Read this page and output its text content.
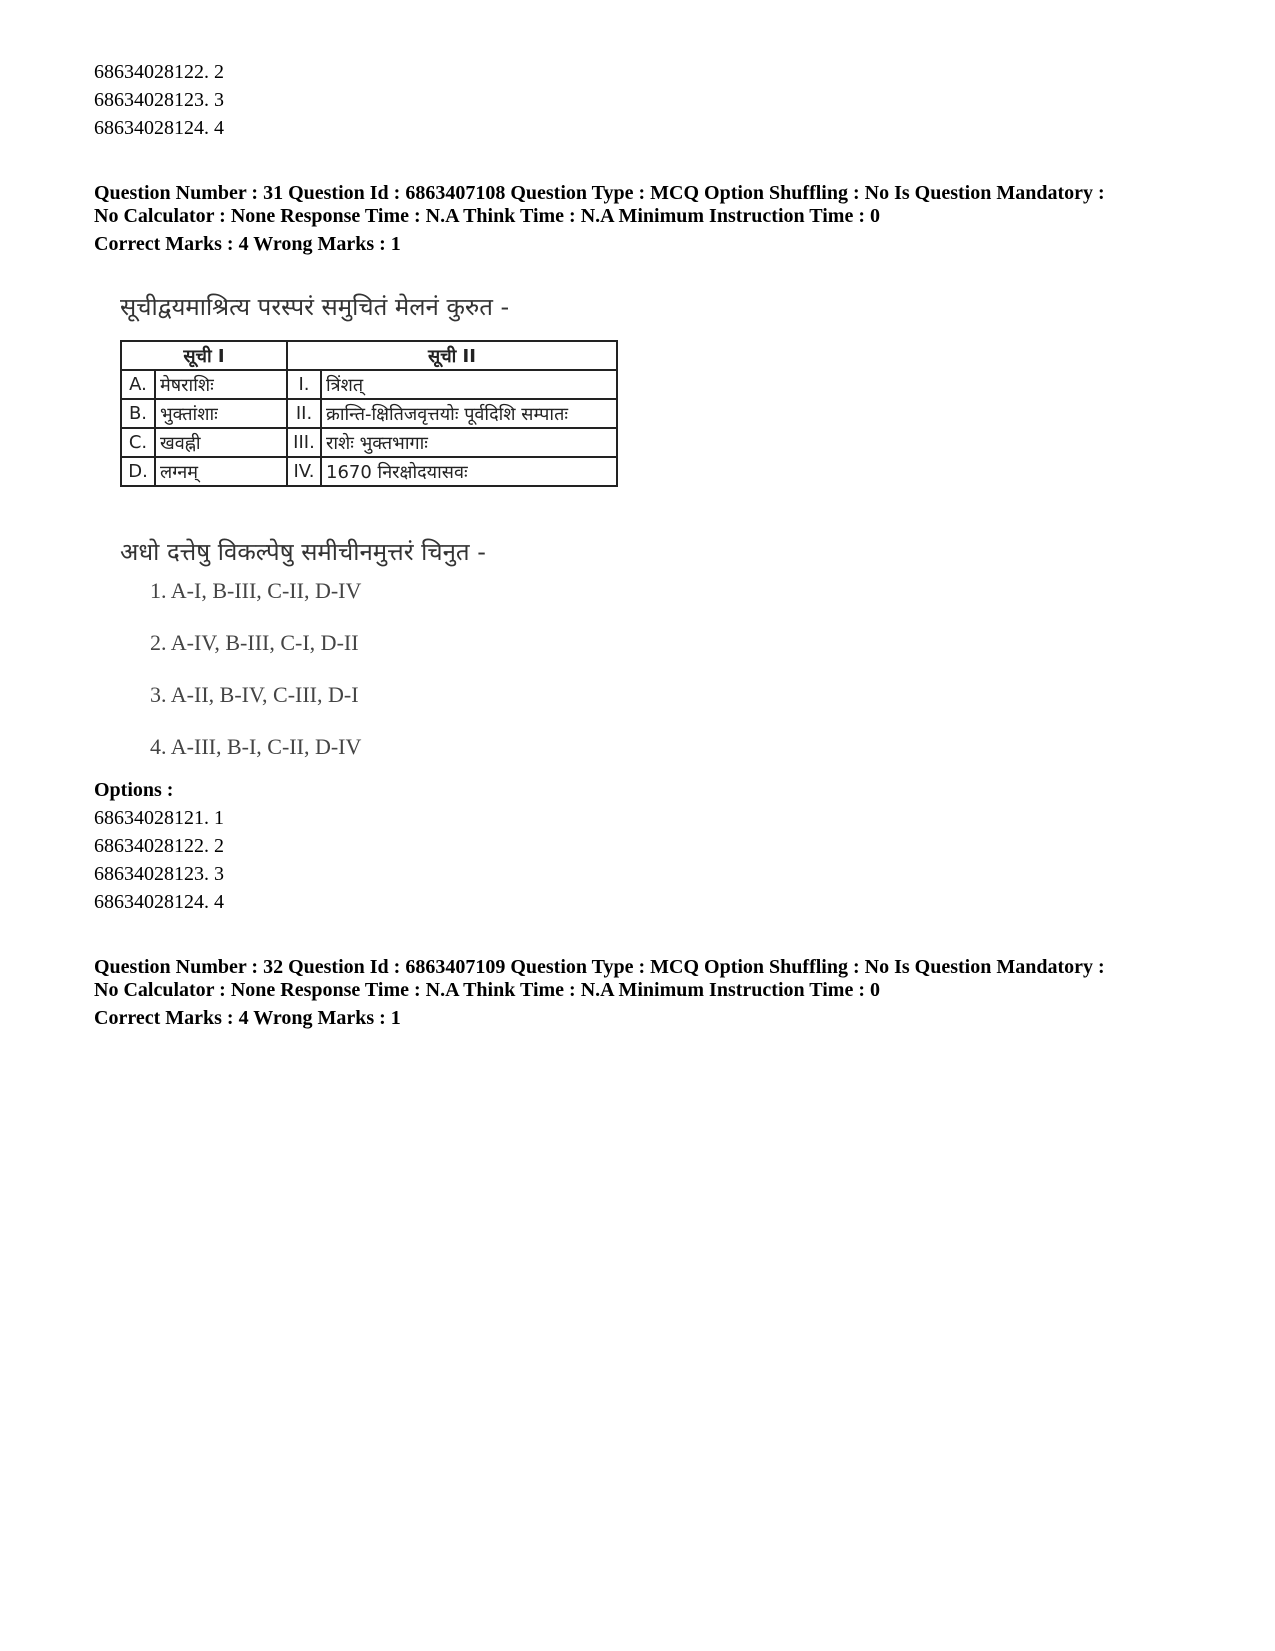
68634028122. 2
68634028123. 3
68634028124. 4
Question Number : 31 Question Id : 6863407108 Question Type : MCQ Option Shuffling : No Is Question Mandatory :
No Calculator : None Response Time : N.A Think Time : N.A Minimum Instruction Time : 0
Correct Marks : 4 Wrong Marks : 1
सूचीद्वयमाश्रित्य परस्परं समुचितं मेलनं कुरुत -
सूची I		सूची II	
A.	मेषराशिः	I.	त्रिंशत्
B.	भुक्तांशाः	II.	क्रान्ति-क्षितिजवृत्तयोः पूर्वदिशि सम्पातः
C.	खवह्नी	III.	राशेः भुक्तभागाः
D.	लग्नम्	IV.	1670 निरक्षोदयासवः
अधो दत्तेषु विकल्पेषु समीचीनमुत्तरं चिनुत -
1. A-I, B-III, C-II, D-IV
2. A-IV, B-III, C-I, D-II
3. A-II, B-IV, C-III, D-I
4. A-III, B-I, C-II, D-IV
Options :
68634028121. 1
68634028122. 2
68634028123. 3
68634028124. 4
Question Number : 32 Question Id : 6863407109 Question Type : MCQ Option Shuffling : No Is Question Mandatory :
No Calculator : None Response Time : N.A Think Time : N.A Minimum Instruction Time : 0
Correct Marks : 4 Wrong Marks : 1
